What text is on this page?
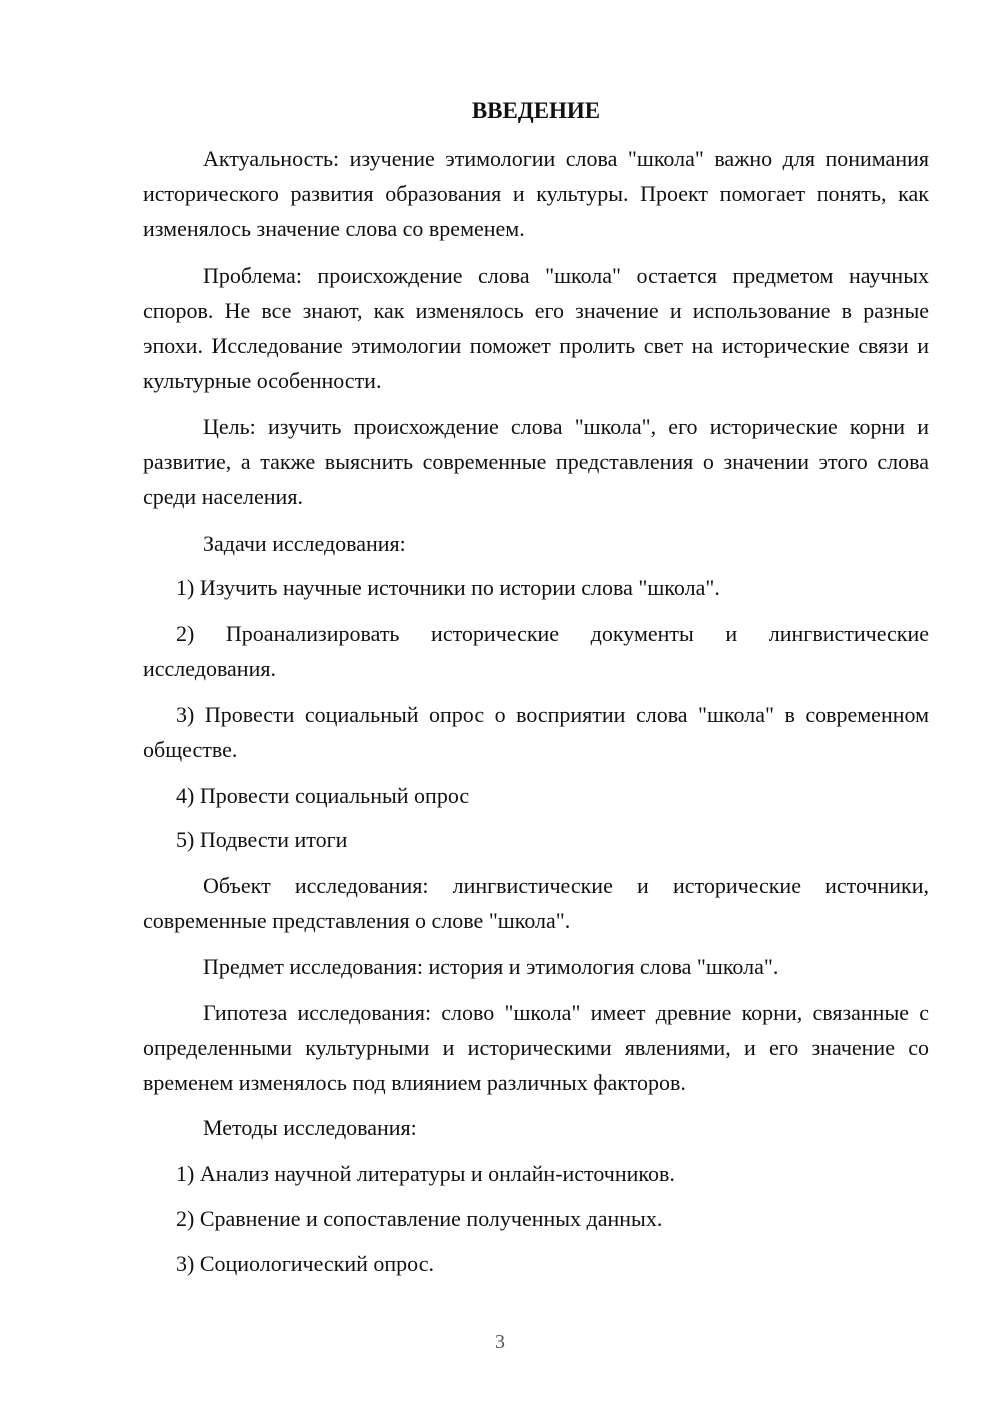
ВВЕДЕНИЕ

Актуальность: изучение этимологии слова "школа" важно для понимания исторического развития образования и культуры. Проект помогает понять, как изменялось значение слова со временем.

Проблема: происхождение слова "школа" остается предметом научных споров. Не все знают, как изменялось его значение и использование в разные эпохи. Исследование этимологии поможет пролить свет на исторические связи и культурные особенности.

Цель: изучить происхождение слова "школа", его исторические корни и развитие, а также выяснить современные представления о значении этого слова среди населения.

Задачи исследования:

1) Изучить научные источники по истории слова "школа".

2) Проанализировать исторические документы и лингвистические исследования.

3) Провести социальный опрос о восприятии слова "школа" в современном обществе.

4) Провести социальный опрос

5) Подвести итоги

Объект исследования: лингвистические и исторические источники, современные представления о слове "школа".

Предмет исследования: история и этимология слова "школа".

Гипотеза исследования: слово "школа" имеет древние корни, связанные с определенными культурными и историческими явлениями, и его значение со временем изменялось под влиянием различных факторов.

Методы исследования:

1) Анализ научной литературы и онлайн-источников.

2) Сравнение и сопоставление полученных данных.

3) Социологический опрос.

3
